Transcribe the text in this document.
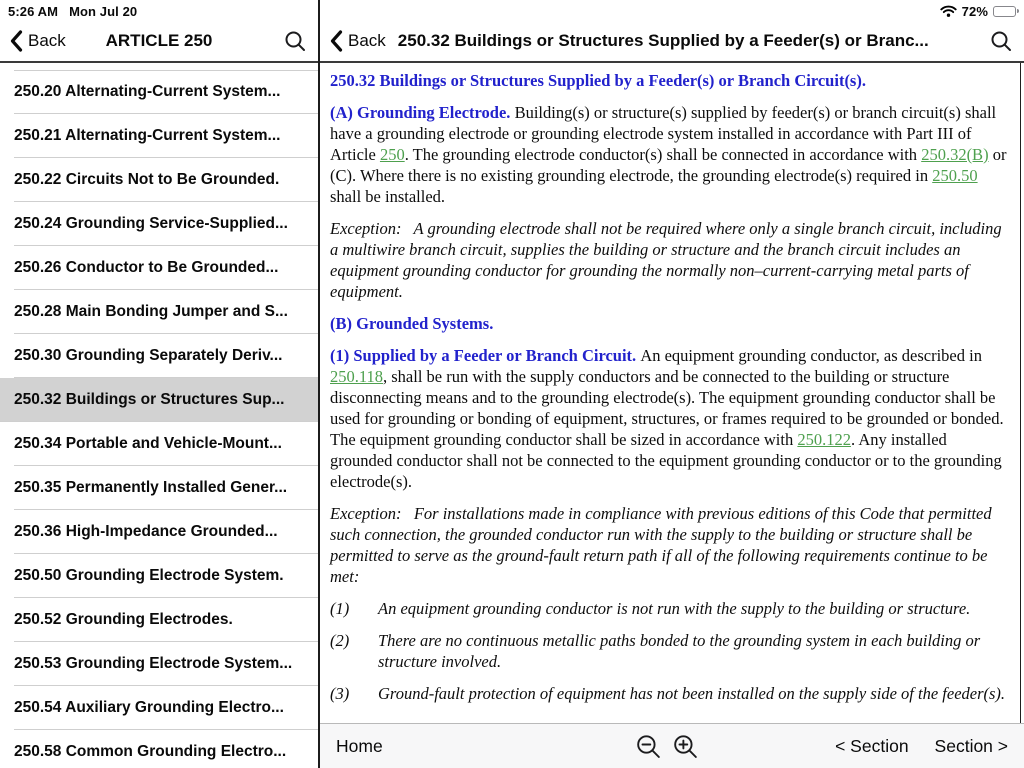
5:26 AM Mon Jul 20
Back	ARTICLE 250
250.20 Alternating-Current System...
250.21 Alternating-Current System...
250.22 Circuits Not to Be Grounded.
250.24 Grounding Service-Supplied...
250.26 Conductor to Be Grounded...
250.28 Main Bonding Jumper and S...
250.30 Grounding Separately Deriv...
250.32 Buildings or Structures Sup...
250.34 Portable and Vehicle-Mount...
250.35 Permanently Installed Gener...
250.36 High-Impedance Grounded...
250.50 Grounding Electrode System.
250.52 Grounding Electrodes.
250.53 Grounding Electrode System...
250.54 Auxiliary Grounding Electro...
250.58 Common Grounding Electro...
72%
Back 250.32 Buildings or Structures Supplied by a Feeder(s) or Branc...

250.32 Buildings or Structures Supplied by a Feeder(s) or Branch Circuit(s).

(A) Grounding Electrode. Building(s) or structure(s) supplied by feeder(s) or branch circuit(s) shall have a grounding electrode or grounding electrode system installed in accordance with Part III of Article 250. The grounding electrode conductor(s) shall be connected in accordance with 250.32(B) or (C). Where there is no existing grounding electrode, the grounding electrode(s) required in 250.50 shall be installed.

Exception:   A grounding electrode shall not be required where only a single branch circuit, including a multiwire branch circuit, supplies the building or structure and the branch circuit includes an equipment grounding conductor for grounding the normally non–current-carrying metal parts of equipment.

(B) Grounded Systems.

(1) Supplied by a Feeder or Branch Circuit. An equipment grounding conductor, as described in 250.118, shall be run with the supply conductors and be connected to the building or structure disconnecting means and to the grounding electrode(s). The equipment grounding conductor shall be used for grounding or bonding of equipment, structures, or frames required to be grounded or bonded. The equipment grounding conductor shall be sized in accordance with 250.122. Any installed grounded conductor shall not be connected to the equipment grounding conductor or to the grounding electrode(s).

Exception:   For installations made in compliance with previous editions of this Code that permitted such connection, the grounded conductor run with the supply to the building or structure shall be permitted to serve as the ground-fault return path if all of the following requirements continue to be met:

(1)	An equipment grounding conductor is not run with the supply to the building or structure.
(2)	There are no continuous metallic paths bonded to the grounding system in each building or structure involved.
(3)	Ground-fault protection of equipment has not been installed on the supply side of the feeder(s).
Home	< Section Section >
